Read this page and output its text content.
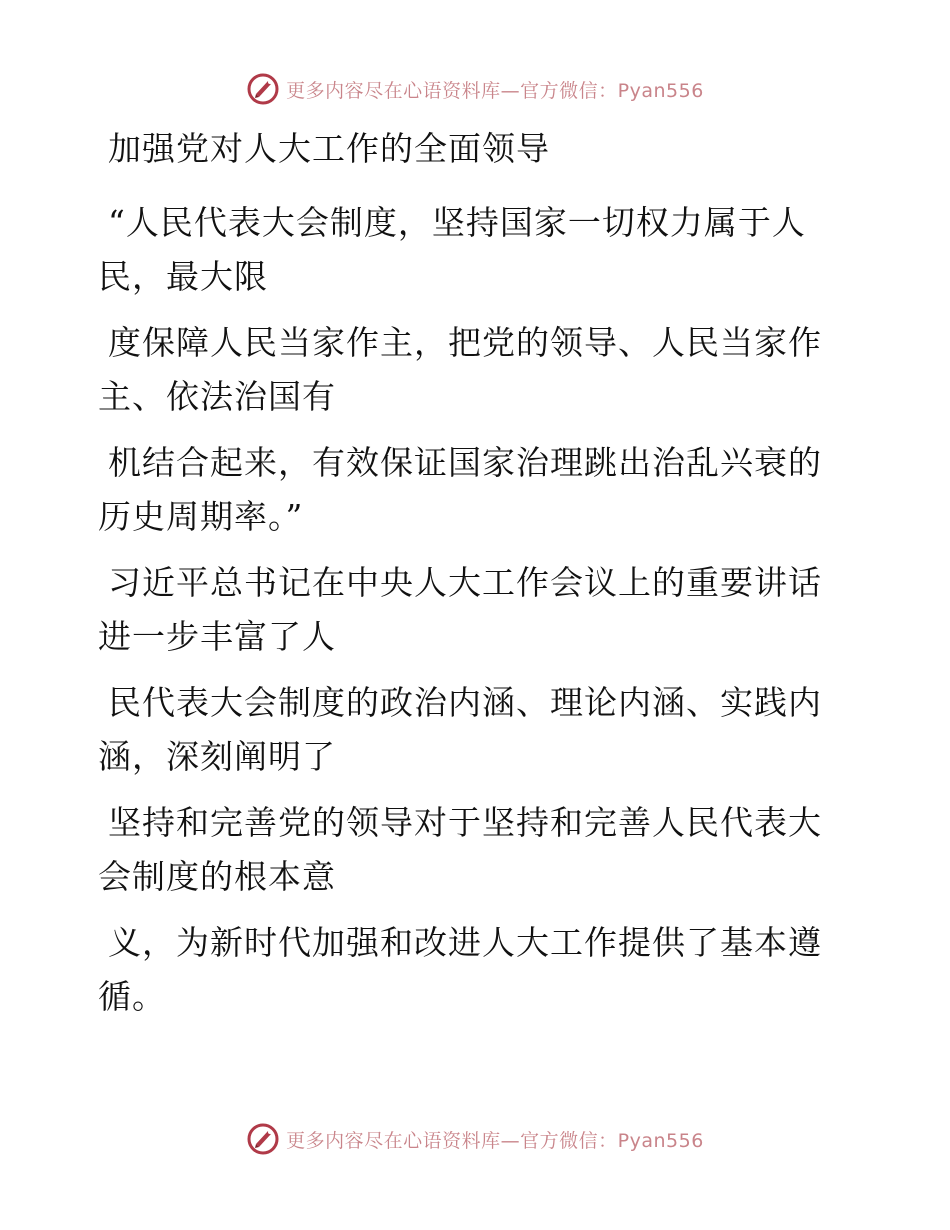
更多内容尽在心语资料库—官方微信：Pyan556

加强党对人大工作的全面领导

“人民代表大会制度，坚持国家一切权力属于人民，最大限

度保障人民当家作主，把党的领导、人民当家作主、依法治国有

机结合起来，有效保证国家治理跳出治乱兴衰的历史周期率。”

习近平总书记在中央人大工作会议上的重要讲话进一步丰富了人

民代表大会制度的政治内涵、理论内涵、实践内涵，深刻阐明了

坚持和完善党的领导对于坚持和完善人民代表大会制度的根本意

义，为新时代加强和改进人大工作提供了基本遵循。

更多内容尽在心语资料库—官方微信：Pyan556
